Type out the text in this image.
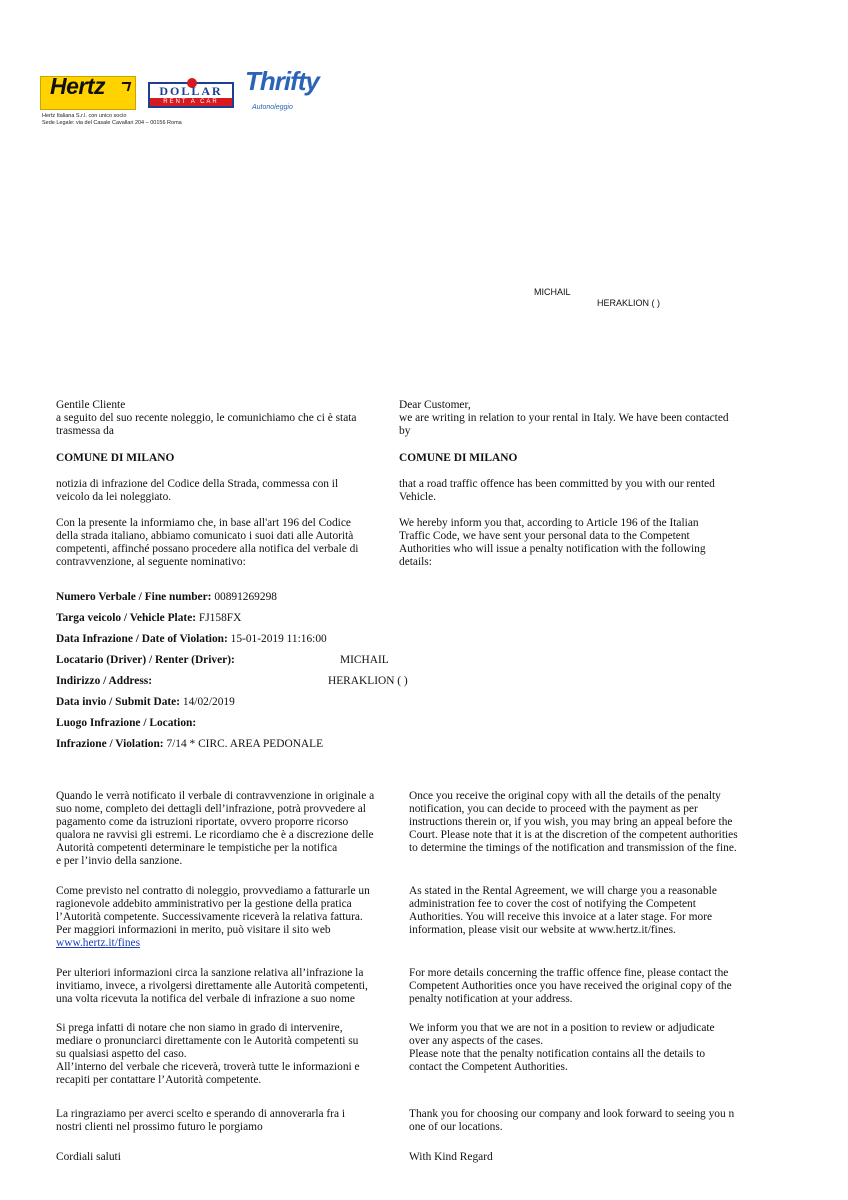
Hertz	DOLLAR
RENT A CAR
Thrifty
Autonoleggio
Hertz Italiana S.r.l. con unico socio
Sede Legale: via del Casale Cavallari 204 – 00156 Roma
MICHAIL
HERAKLION ( )

Gentile Cliente

a seguito del suo recente noleggio, le comunichiamo che ci è stata

trasmessa da

COMUNE DI MILANO

notizia di infrazione del Codice della Strada, commessa con il

veicolo da lei noleggiato.

Con la presente la informiamo che, in base all'art 196 del Codice

della strada italiano, abbiamo comunicato i suoi dati alle Autorità

competenti, affinché possano procedere alla notifica del verbale di

contravvenzione, al seguente nominativo:

Dear Customer,

we are writing in relation to your rental in Italy. We have been contacted

by

COMUNE DI MILANO

that a road traffic offence has been committed by you with our rented

Vehicle.

We hereby inform you that, according to Article 196 of the Italian

Traffic Code, we have sent your personal data to the Competent

Authorities who will issue a penalty notification with the following

details:

Numero Verbale / Fine number: 00891269298
Targa veicolo / Vehicle Plate: FJ158FX
Data Infrazione / Date of Violation: 15-01-2019 11:16:00
Locatario (Driver) / Renter (Driver):	MICHAIL
Indirizzo / Address:	HERAKLION ( )
Data invio / Submit Date: 14/02/2019
Luogo Infrazione / Location:
Infrazione / Violation: 7/14 * CIRC. AREA PEDONALE

Quando le verrà notificato il verbale di contravvenzione in originale a

suo nome, completo dei dettagli dell’infrazione, potrà provvedere al

pagamento come da istruzioni riportate, ovvero proporre ricorso

qualora ne ravvisi gli estremi. Le ricordiamo che è a discrezione delle

Autorità competenti determinare le tempistiche per la notifica

e per l’invio della sanzione.

Come previsto nel contratto di noleggio, provvediamo a fatturarle un

ragionevole addebito amministrativo per la gestione della pratica

l’Autorità competente. Successivamente riceverà la relativa fattura.

Per maggiori informazioni in merito, può visitare il sito web

www.hertz.it/fines

Per ulteriori informazioni circa la sanzione relativa all’infrazione la

invitiamo, invece, a rivolgersi direttamente alle Autorità competenti,

una volta ricevuta la notifica del verbale di infrazione a suo nome

Si prega infatti di notare che non siamo in grado di intervenire,

mediare o pronunciarci direttamente con le Autorità competenti su

su qualsiasi aspetto del caso.

All’interno del verbale che riceverà, troverà tutte le informazioni e

recapiti per contattare l’Autorità competente.

La ringraziamo per averci scelto e sperando di annoverarla fra i

nostri clienti nel prossimo futuro le porgiamo

Cordiali saluti

Once you receive the original copy with all the details of the penalty

notification, you can decide to proceed with the payment as per

instructions therein or, if you wish, you may bring an appeal before the

Court. Please note that it is at the discretion of the competent authorities

to determine the timings of the notification and transmission of the fine.

As stated in the Rental Agreement, we will charge you a reasonable

administration fee to cover the cost of notifying the Competent

Authorities. You will receive this invoice at a later stage. For more

information, please visit our website at www.hertz.it/fines.

For more details concerning the traffic offence fine, please contact the

Competent Authorities once you have received the original copy of the

penalty notification at your address.

We inform you that we are not in a position to review or adjudicate

over any aspects of the cases.

Please note that the penalty notification contains all the details to

contact the Competent Authorities.

Thank you for choosing our company and look forward to seeing you n

one of our locations.

With Kind Regard
